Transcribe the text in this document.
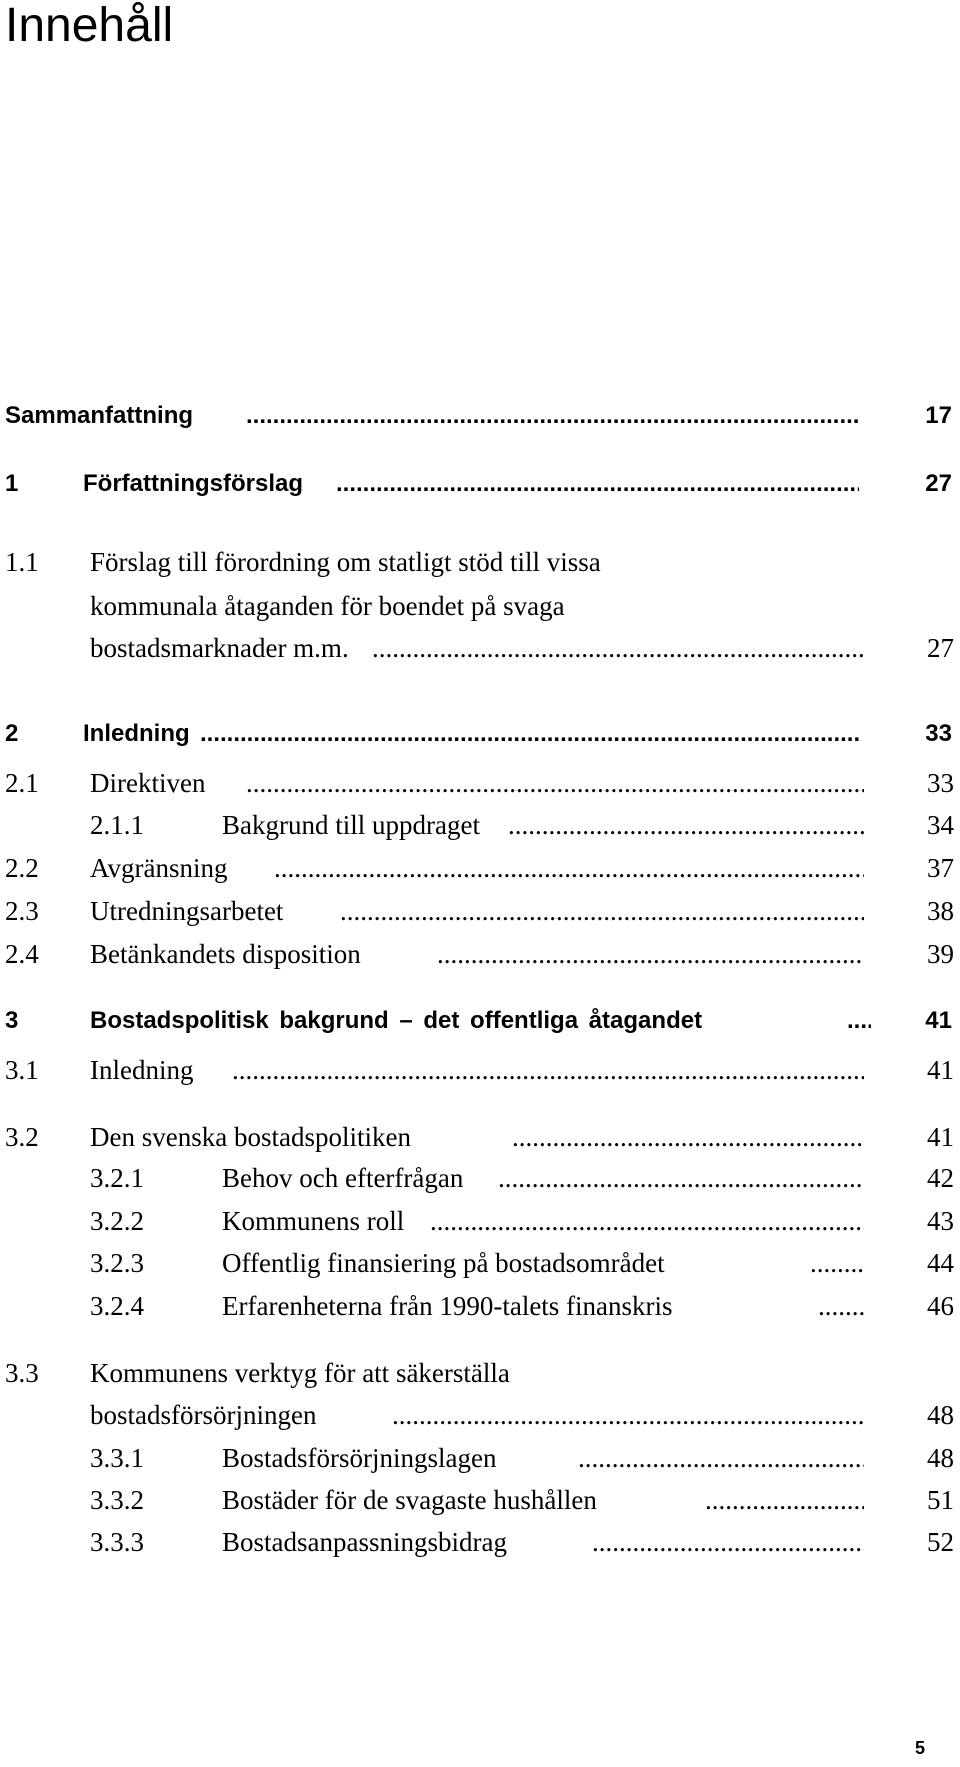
Innehåll
Sammanfattning .....	17
1	Författningsförslag .....	27
1.1 Förslag till förordning om statligt stöd till vissa
kommunala åtaganden för boendet på svaga
bostadsmarknader m.m. .....	27
2	Inledning .....	33
2.1 Direktiven .....	33
2.1.1	Bakgrund till uppdraget .....	34
2.2 Avgränsning .....	37
2.3 Utredningsarbetet .....	38
2.4 Betänkandets disposition .....	39
3	Bostadspolitisk bakgrund – det offentliga åtagandet .....	41
3.1 Inledning .....	41
3.2 Den svenska bostadspolitiken .....	41
3.2.1	Behov och efterfrågan .....	42
3.2.2	Kommunens roll .....	43
3.2.3	Offentlig finansiering på bostadsområdet .....	44
3.2.4	Erfarenheterna från 1990-talets finanskris .....	46
3.3 Kommunens verktyg för att säkerställa
bostadsförsörjningen .....	48
3.3.1	Bostadsförsörjningslagen .....	48
3.3.2	Bostäder för de svagaste hushållen .....	51
3.3.3	Bostadsanpassningsbidrag .....	52
5
